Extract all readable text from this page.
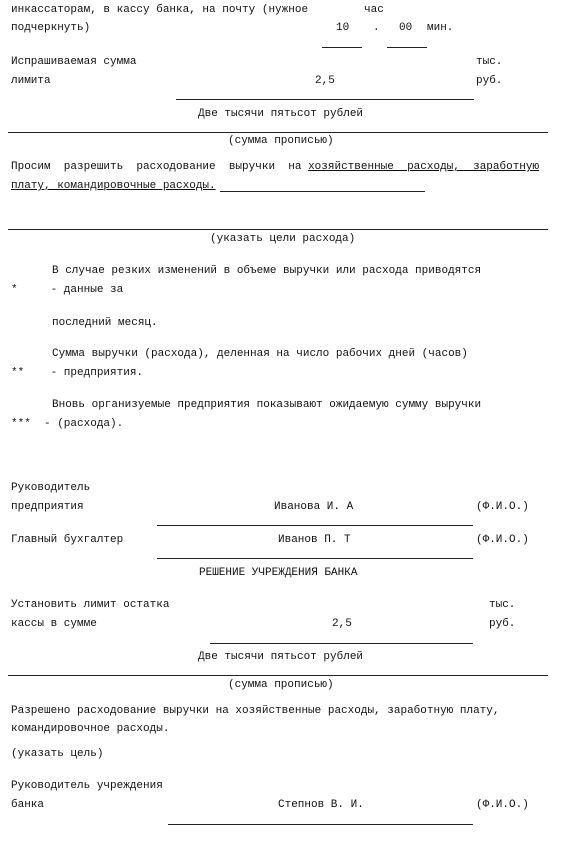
инкассаторам, в кассу банка, на почту (нужное	час
подчеркнуть)	10 . 00 мин.
Испрашиваемая сумма	тыс.
лимита	2,5	руб.
Две тысячи пятьсот рублей
(сумма прописью)
Просим  разрешить  расходование  выручки  на хозяйственные  расходы,  заработную
плату, командировочные расходы.
(указать цели расхода)
В случае резких изменений в объеме выручки или расхода приводятся
*     - данные за
последний месяц.
Сумма выручки (расхода), деленная на число рабочих дней (часов)
**    - предприятия.
Вновь организуемые предприятия показывают ожидаемую сумму выручки
***  - (расхода).
Руководитель
предприятия	Иванова И. А	(Ф.И.О.)
Главный бухгалтер	Иванов П. Т	(Ф.И.О.)
РЕШЕНИЕ УЧРЕЖДЕНИЯ БАНКА
Установить лимит остатка	тыс.
кассы в сумме	2,5	руб.
Две тысячи пятьсот рублей
(сумма прописью)
Разрешено расходование выручки на хозяйственные расходы, заработную плату,
командировочное расходы.
(указать цель)
Руководитель учреждения
банка	Степнов В. И.	(Ф.И.О.)
